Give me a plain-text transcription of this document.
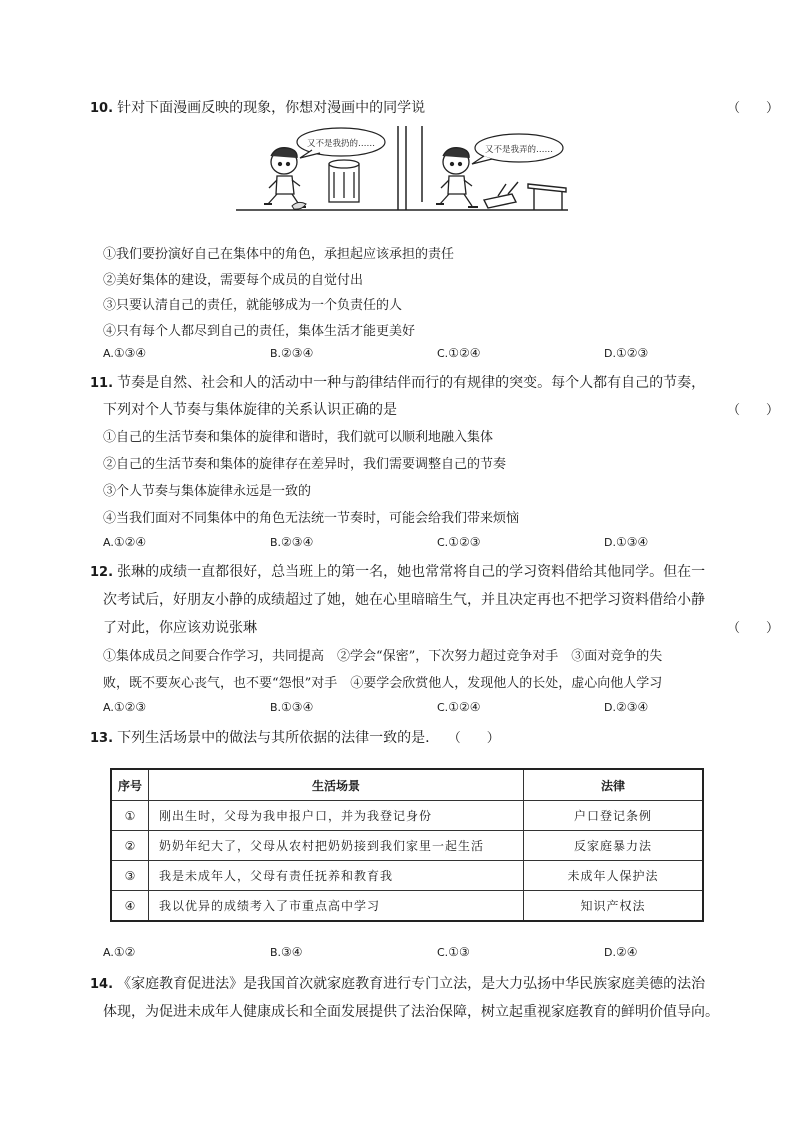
10. 针对下面漫画反映的现象，你想对漫画中的同学说	（　　）
又不是我扔的……
又不是我弄的……
①我们要扮演好自己在集体中的角色，承担起应该承担的责任
②美好集体的建设，需要每个成员的自觉付出
③只要认清自己的责任，就能够成为一个负责任的人
④只有每个人都尽到自己的责任，集体生活才能更美好
A.①③④	B.②③④	C.①②④	D.①②③
11. 节奏是自然、社会和人的活动中一种与韵律结伴而行的有规律的突变。每个人都有自己的节奏，
下列对个人节奏与集体旋律的关系认识正确的是	（　　）
①自己的生活节奏和集体的旋律和谐时，我们就可以顺利地融入集体
②自己的生活节奏和集体的旋律存在差异时，我们需要调整自己的节奏
③个人节奏与集体旋律永远是一致的
④当我们面对不同集体中的角色无法统一节奏时，可能会给我们带来烦恼
A.①②④	B.②③④	C.①②③	D.①③④
12. 张琳的成绩一直都很好，总当班上的第一名，她也常常将自己的学习资料借给其他同学。但在一
次考试后，好朋友小静的成绩超过了她，她在心里暗暗生气，并且决定再也不把学习资料借给小静
了对此，你应该劝说张琳	（　　）
①集体成员之间要合作学习，共同提高　②学会“保密”，下次努力超过竞争对手　③面对竞争的失
败，既不要灰心丧气，也不要“怨恨”对手　④要学会欣赏他人，发现他人的长处，虚心向他人学习
A.①②③	B.①③④	C.①②④	D.②③④
13. 下列生活场景中的做法与其所依据的法律一致的是. （　　）
序号	生活场景	法律
①	刚出生时，父母为我申报户口，并为我登记身份	户口登记条例
②	奶奶年纪大了，父母从农村把奶奶接到我们家里一起生活	反家庭暴力法
③	我是未成年人，父母有责任抚养和教育我	未成年人保护法
④	我以优异的成绩考入了市重点高中学习	知识产权法
A.①②	B.③④	C.①③	D.②④
14. 《家庭教育促进法》是我国首次就家庭教育进行专门立法，是大力弘扬中华民族家庭美德的法治
体现，为促进未成年人健康成长和全面发展提供了法治保障，树立起重视家庭教育的鲜明价值导向。
